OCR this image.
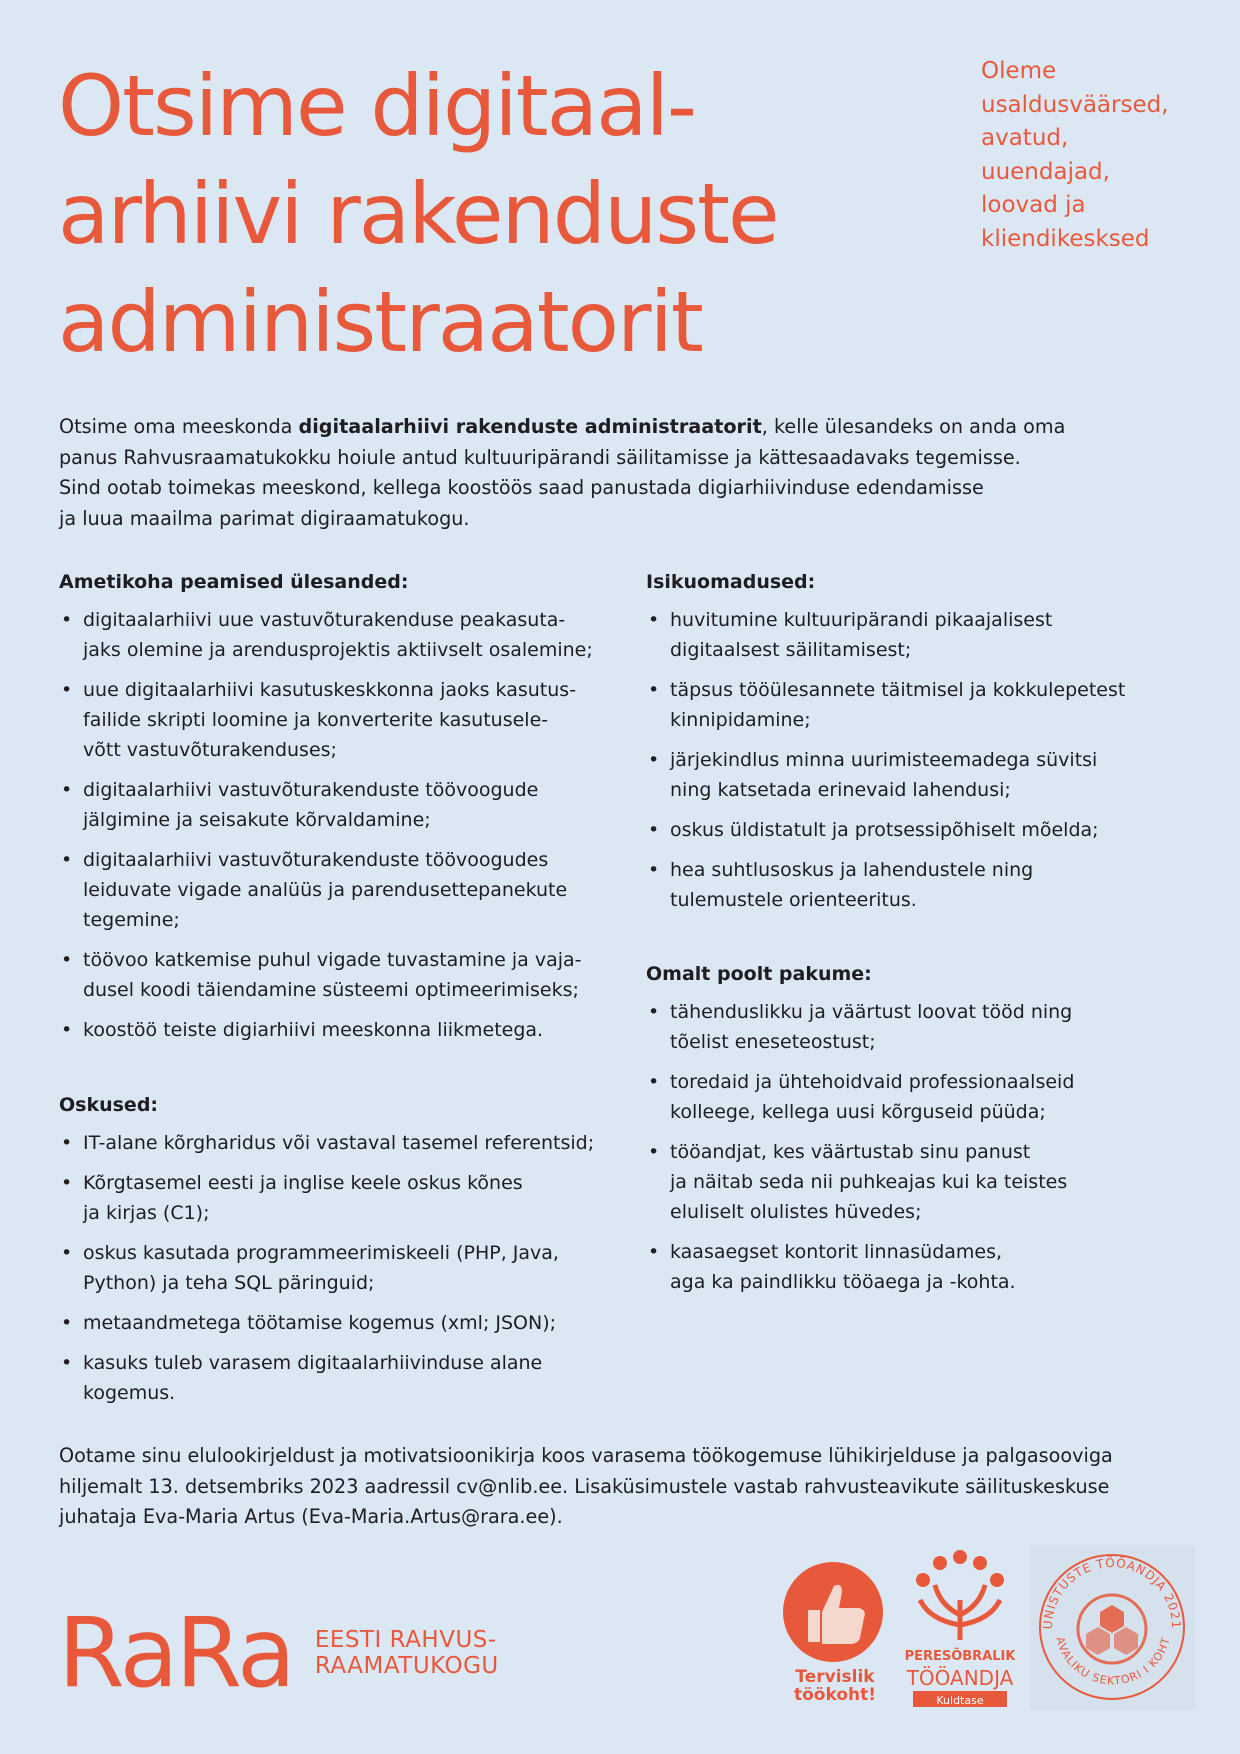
Otsime digitaal-
arhiivi rakenduste
administraatorit
Oleme
usaldusväärsed,
avatud,
uuendajad,
loovad ja
kliendikesksed

Otsime oma meeskonda digitaalarhiivi rakenduste administraatorit, kelle ülesandeks on anda oma
panus Rahvusraamatukokku hoiule antud kultuuripärandi säilitamisse ja kättesaadavaks tegemisse.
Sind ootab toimekas meeskond, kellega koostöös saad panustada digiarhiivinduse edendamisse
ja luua maailma parimat digiraamatukogu.

Ametikoha peamised ülesanded:
• digitaalarhiivi uue vastuvõturakenduse peakasuta-
jaks olemine ja arendusprojektis aktiivselt osalemine;
• uue digitaalarhiivi kasutuskeskkonna jaoks kasutus-
failide skripti loomine ja konverterite kasutusele-
võtt vastuvõturakenduses;
• digitaalarhiivi vastuvõturakenduste töövoogude
jälgimine ja seisakute kõrvaldamine;
• digitaalarhiivi vastuvõturakenduste töövoogudes
leiduvate vigade analüüs ja parendusettepanekute
tegemine;
• töövoo katkemise puhul vigade tuvastamine ja vaja-
dusel koodi täiendamine süsteemi optimeerimiseks;
• koostöö teiste digiarhiivi meeskonna liikmetega.
Oskused:
• IT-alane kõrgharidus või vastaval tasemel referentsid;
• Kõrgtasemel eesti ja inglise keele oskus kõnes
ja kirjas (C1);
• oskus kasutada programmeerimiskeeli (PHP, Java,
Python) ja teha SQL päringuid;
• metaandmetega töötamise kogemus (xml; JSON);
• kasuks tuleb varasem digitaalarhiivinduse alane
kogemus.
Isikuomadused:
• huvitumine kultuuripärandi pikaajalisest
digitaalsest säilitamisest;
• täpsus tööülesannete täitmisel ja kokkulepetest
kinnipidamine;
• järjekindlus minna uurimisteemadega süvitsi
ning katsetada erinevaid lahendusi;
• oskus üldistatult ja protsessipõhiselt mõelda;
• hea suhtlusoskus ja lahendustele ning
tulemustele orienteeritus.
Omalt poolt pakume:
• tähenduslikku ja väärtust loovat tööd ning
tõelist eneseteostust;
• toredaid ja ühtehoidvaid professionaalseid
kolleege, kellega uusi kõrguseid püüda;
• tööandjat, kes väärtustab sinu panust
ja näitab seda nii puhkeajas kui ka teistes
eluliselt olulistes hüvedes;
• kaasaegset kontorit linnasüdames,
aga ka paindlikku tööaega ja -kohta.
Ootame sinu elulookirjeldust ja motivatsioonikirja koos varasema töökogemuse lühikirjelduse ja palgasooviga
hiljemalt 13. detsembriks 2023 aadressil cv@nlib.ee. Lisaküsimustele vastab rahvusteavikute säilituskeskuse
juhataja Eva-Maria Artus (Eva-Maria.Artus@rara.ee).
RaRa EESTI RAHVUS-
RAAMATUKOGU	Tervislik
töökoht!
PERESÕBRALIK
TÖÖANDJA
Kuldtase
UNISTUSTE TÖÖANDJA 2021
AVALIKU SEKTORI I KOHT
